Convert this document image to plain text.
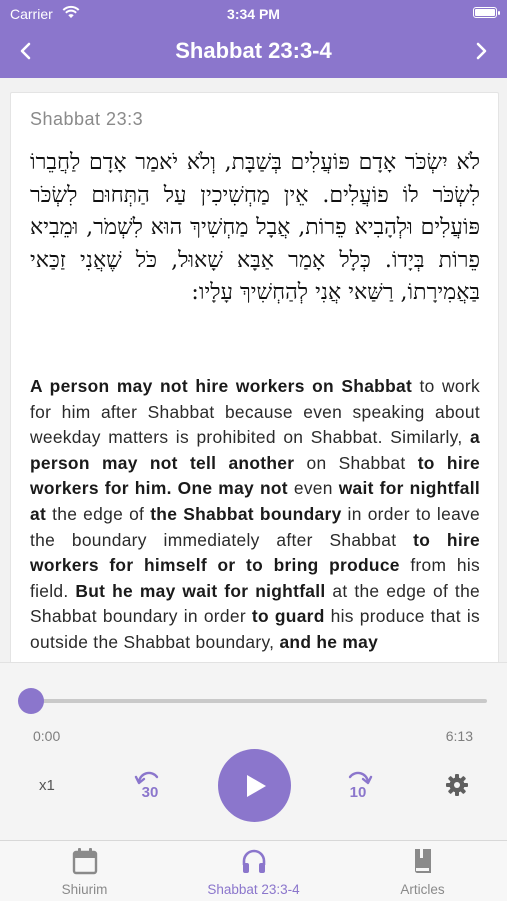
Carrier	3:34 PM
Shabbat 23:3-4
Shabbat 23:3
לֹא יִשְׂכֹּר אָדָם פּוֹעֲלִים בְּשַׁבָּת, וְלֹא יֹאמַר אָדָם לַחֲבֵרוֹ לִשְׂכֹּר לוֹ פוֹעֲלִים. אֵין מַחְשִׁיכִין עַל הַתְּחוּם לִשְׂכֹּר פּוֹעֲלִים וּלְהָבִיא פֵרוֹת, אֲבָל מַחְשִׁיךְ הוּא לִשְׁמֹר, וּמֵבִיא פֵרוֹת בְּיָדוֹ. כְּלָל אָמַר אַבָּא שָׁאוּל, כֹּל שֶׁאֲנִי זַכַּאי בַּאֲמִירָתוֹ, רַשַּׁאי אֲנִי לְהַחְשִׁיךְ עָלָיו:
A person may not hire workers on Shabbat to work for him after Shabbat because even speaking about weekday matters is prohibited on Shabbat. Similarly, a person may not tell another on Shabbat to hire workers for him. One may not even wait for nightfall at the edge of the Shabbat boundary in order to leave the boundary immediately after Shabbat to hire workers for himself or to bring produce from his field. But he may wait for nightfall at the edge of the Shabbat boundary in order to guard his produce that is outside the Shabbat boundary, and he may
0:00	6:13
x1	30	10
Shiurim	Shabbat 23:3-4	Articles
